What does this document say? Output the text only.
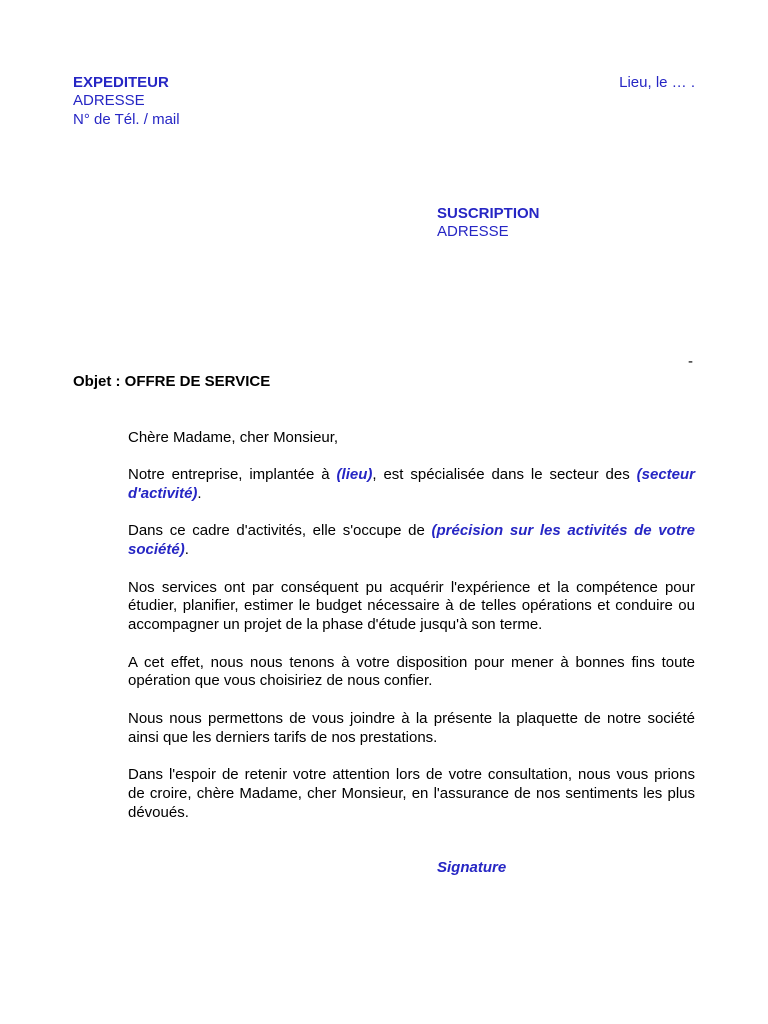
EXPEDITEUR
ADRESSE
N° de Tél. / mail
Lieu, le … .
SUSCRIPTION
ADRESSE
-
Objet : OFFRE DE SERVICE
Chère Madame, cher Monsieur,
Notre entreprise, implantée à (lieu), est spécialisée dans le secteur des (secteur
d'activité).
Dans ce cadre d'activités, elle s'occupe de (précision sur les activités de votre
société).
Nos services ont par conséquent pu acquérir l'expérience et la compétence pour
étudier, planifier, estimer le budget nécessaire à de telles opérations et conduire ou
accompagner un projet de la phase d'étude jusqu'à son terme.
A cet effet, nous nous tenons à votre disposition pour mener à bonnes fins toute
opération que vous choisiriez de nous confier.
Nous nous permettons de vous joindre à la présente la plaquette de notre société
ainsi que les derniers tarifs de nos prestations.
Dans l'espoir de retenir votre attention lors de votre consultation, nous vous prions
de croire, chère Madame, cher Monsieur, en l'assurance de nos sentiments les plus
dévoués.
Signature
